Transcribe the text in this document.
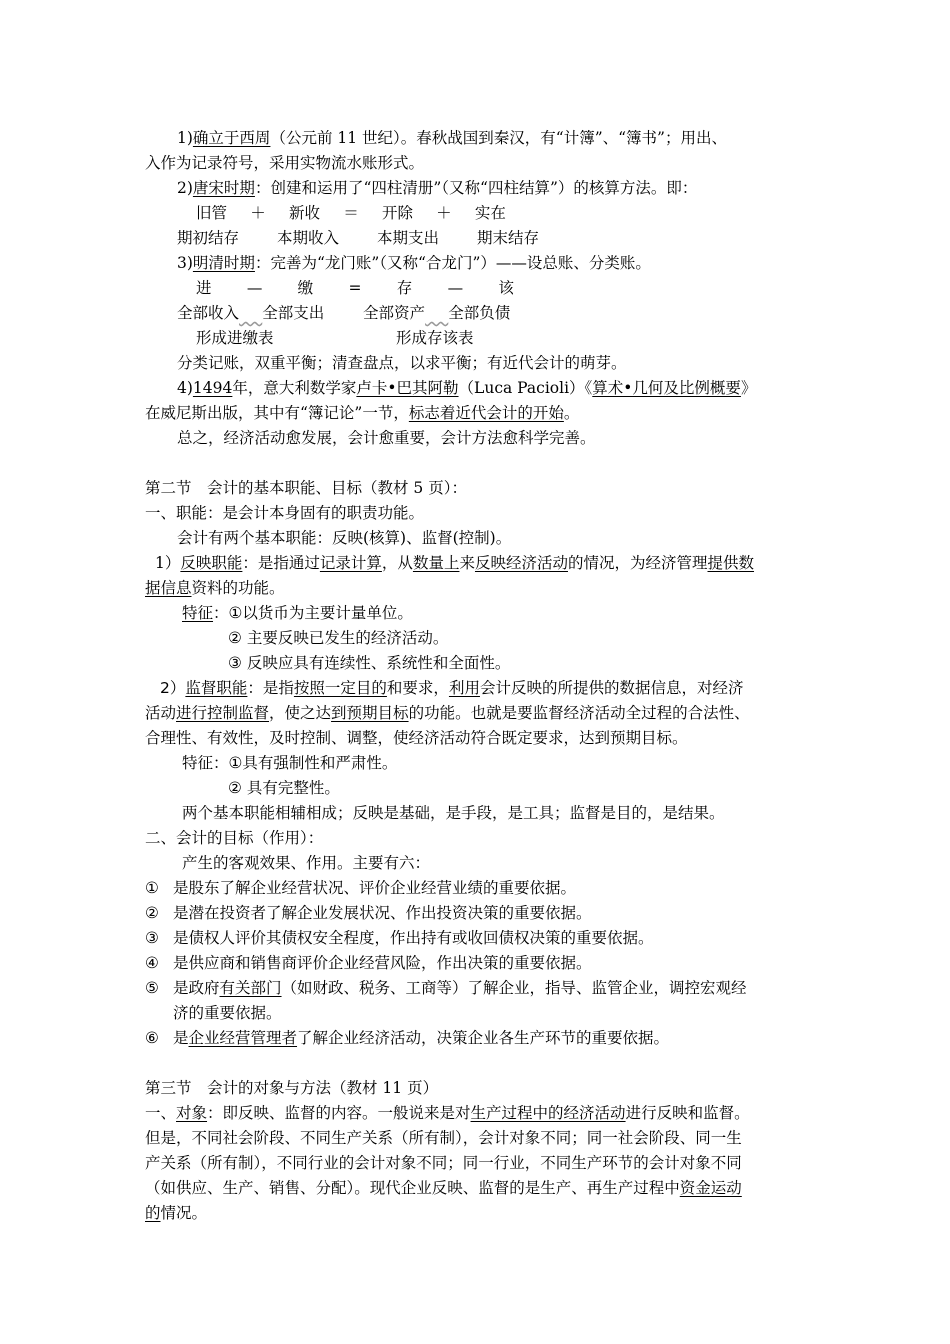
1)确立于西周（公元前 11 世纪）。春秋战国到秦汉，有“计簿”、“簿书”；用出、
入作为记录符号，采用实物流水账形式。
2)唐宋时期：创建和运用了“四柱清册”（又称“四柱结算”）的核算方法。即：
旧管 ＋ 新收 ＝ 开除 ＋ 实在
期初结存 本期收入 本期支出 期末结存
3)明清时期：完善为“龙门账”（又称“合龙门”）——设总账、分类账。
进 — 缴 = 存 — 该
全部收入   全部支出   	全部资产   全部负债
形成进缴表	形成存该表
分类记账，双重平衡；清查盘点，以求平衡；有近代会计的萌芽。
4)1494年，意大利数学家卢卡•巴其阿勒（Luca Pacioli）《算术•几何及比例概要》
在威尼斯出版，其中有“簿记论”一节，标志着近代会计的开始。
总之，经济活动愈发展，会计愈重要，会计方法愈科学完善。
第二节　会计的基本职能、目标（教材 5 页）：
一、职能：是会计本身固有的职责功能。
会计有两个基本职能：反映(核算)、监督(控制)。
1）反映职能：是指通过记录计算，从数量上来反映经济活动的情况，为经济管理提供数
据信息资料的功能。
特征：①以货币为主要计量单位。
② 主要反映已发生的经济活动。
③ 反映应具有连续性、系统性和全面性。
2）监督职能：是指按照一定目的和要求，利用会计反映的所提供的数据信息，对经济
活动进行控制监督，使之达到预期目标的功能。也就是要监督经济活动全过程的合法性、
合理性、有效性，及时控制、调整，使经济活动符合既定要求，达到预期目标。
特征：①具有强制性和严肃性。
② 具有完整性。
两个基本职能相辅相成；反映是基础，是手段，是工具；监督是目的，是结果。
二、会计的目标（作用）：
产生的客观效果、作用。主要有六：
① 是股东了解企业经营状况、评价企业经营业绩的重要依据。
② 是潜在投资者了解企业发展状况、作出投资决策的重要依据。
③ 是债权人评价其债权安全程度，作出持有或收回债权决策的重要依据。
④ 是供应商和销售商评价企业经营风险，作出决策的重要依据。
⑤ 是政府有关部门（如财政、税务、工商等）了解企业，指导、监管企业，调控宏观经
济的重要依据。
⑥ 是企业经营管理者了解企业经济活动，决策企业各生产环节的重要依据。
第三节　会计的对象与方法（教材 11 页）
一、对象：即反映、监督的内容。一般说来是对生产过程中的经济活动进行反映和监督。
但是，不同社会阶段、不同生产关系（所有制），会计对象不同；同一社会阶段、同一生
产关系（所有制），不同行业的会计对象不同；同一行业，不同生产环节的会计对象不同
（如供应、生产、销售、分配）。现代企业反映、监督的是生产、再生产过程中资金运动
的情况。
